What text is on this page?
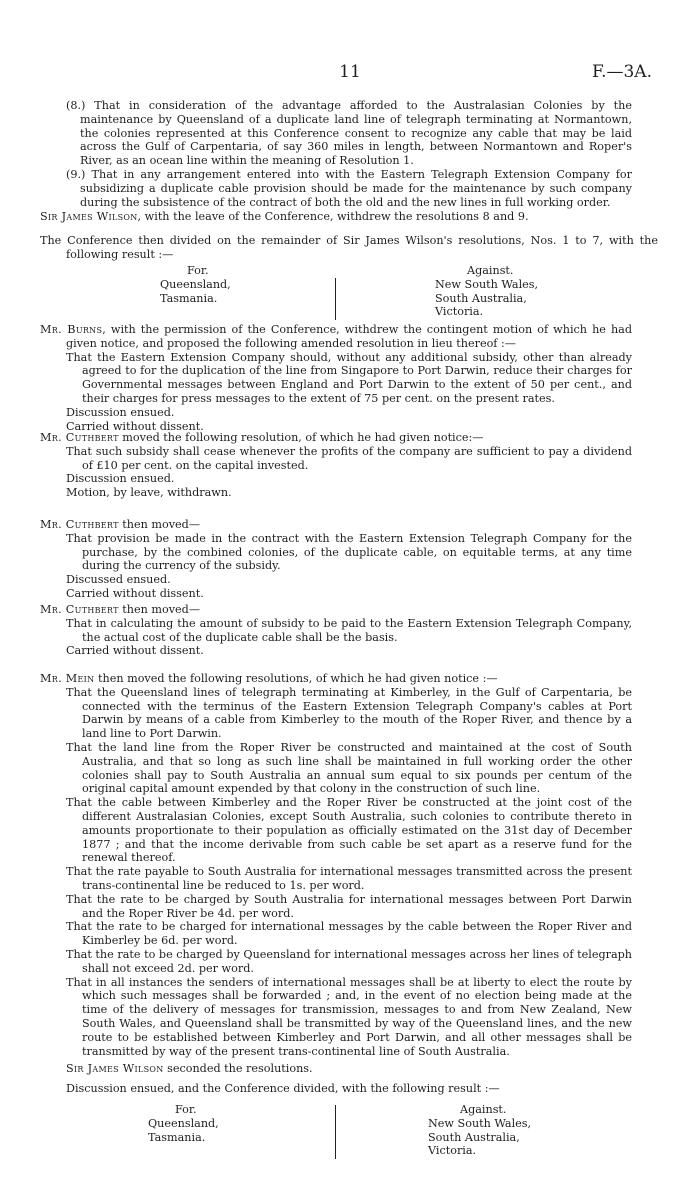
11	F.—3A.

(8.) That in consideration of the advantage afforded to the Australasian Colonies by the maintenance by Queensland of a duplicate land line of telegraph terminating at Normantown, the colonies represented at this Conference consent to recognize any cable that may be laid across the Gulf of Carpentaria, of say 360 miles in length, between Normantown and Roper's River, as an ocean line within the meaning of Resolution 1.

(9.) That in any arrangement entered into with the Eastern Telegraph Extension Company for subsidizing a duplicate cable provision should be made for the maintenance by such company during the subsistence of the contract of both the old and the new lines in full working order.

Sir James Wilson, with the leave of the Conference, withdrew the resolutions 8 and 9.
The Conference then divided on the remainder of Sir James Wilson's resolutions, Nos. 1 to 7, with the following result :—
For.
Queensland,
Tasmania.
Against.
New South Wales,
South Australia,
Victoria.

Mr. Burns, with the permission of the Conference, withdrew the contingent motion of which he had given notice, and proposed the following amended resolution in lieu thereof :—

That the Eastern Extension Company should, without any additional subsidy, other than already agreed to for the duplication of the line from Singapore to Port Darwin, reduce their charges for Governmental messages between England and Port Darwin to the extent of 50 per cent., and their charges for press messages to the extent of 75 per cent. on the present rates.

Discussion ensued.

Carried without dissent.

Mr. Cuthbert moved the following resolution, of which he had given notice:—

That such subsidy shall cease whenever the profits of the company are sufficient to pay a dividend of £10 per cent. on the capital invested.

Discussion ensued.

Motion, by leave, withdrawn.

Mr. Cuthbert then moved—

That provision be made in the contract with the Eastern Extension Telegraph Company for the purchase, by the combined colonies, of the duplicate cable, on equitable terms, at any time during the currency of the subsidy.

Discussed ensued.

Carried without dissent.

Mr. Cuthbert then moved—

That in calculating the amount of subsidy to be paid to the Eastern Extension Telegraph Company, the actual cost of the duplicate cable shall be the basis.

Carried without dissent.

Mr. Mein then moved the following resolutions, of which he had given notice :—

That the Queensland lines of telegraph terminating at Kimberley, in the Gulf of Carpentaria, be connected with the terminus of the Eastern Extension Telegraph Company's cables at Port Darwin by means of a cable from Kimberley to the mouth of the Roper River, and thence by a land line to Port Darwin.

That the land line from the Roper River be constructed and maintained at the cost of South Australia, and that so long as such line shall be maintained in full working order the other colonies shall pay to South Australia an annual sum equal to six pounds per centum of the original capital amount expended by that colony in the construction of such line.

That the cable between Kimberley and the Roper River be constructed at the joint cost of the different Australasian Colonies, except South Australia, such colonies to contribute thereto in amounts proportionate to their population as officially estimated on the 31st day of December 1877 ; and that the income derivable from such cable be set apart as a reserve fund for the renewal thereof.

That the rate payable to South Australia for international messages transmitted across the present trans-continental line be reduced to 1s. per word.

That the rate to be charged by South Australia for international messages between Port Darwin and the Roper River be 4d. per word.

That the rate to be charged for international messages by the cable between the Roper River and Kimberley be 6d. per word.

That the rate to be charged by Queensland for international messages across her lines of telegraph shall not exceed 2d. per word.

That in all instances the senders of international messages shall be at liberty to elect the route by which such messages shall be forwarded ; and, in the event of no election being made at the time of the delivery of messages for transmission, messages to and from New Zealand, New South Wales, and Queensland shall be transmitted by way of the Queensland lines, and the new route to be established between Kimberley and Port Darwin, and all other messages shall be transmitted by way of the present trans-continental line of South Australia.

Sir James Wilson seconded the resolutions.
Discussion ensued, and the Conference divided, with the following result :—
For.
Queensland,
Tasmania.
Against.
New South Wales,
South Australia,
Victoria.
